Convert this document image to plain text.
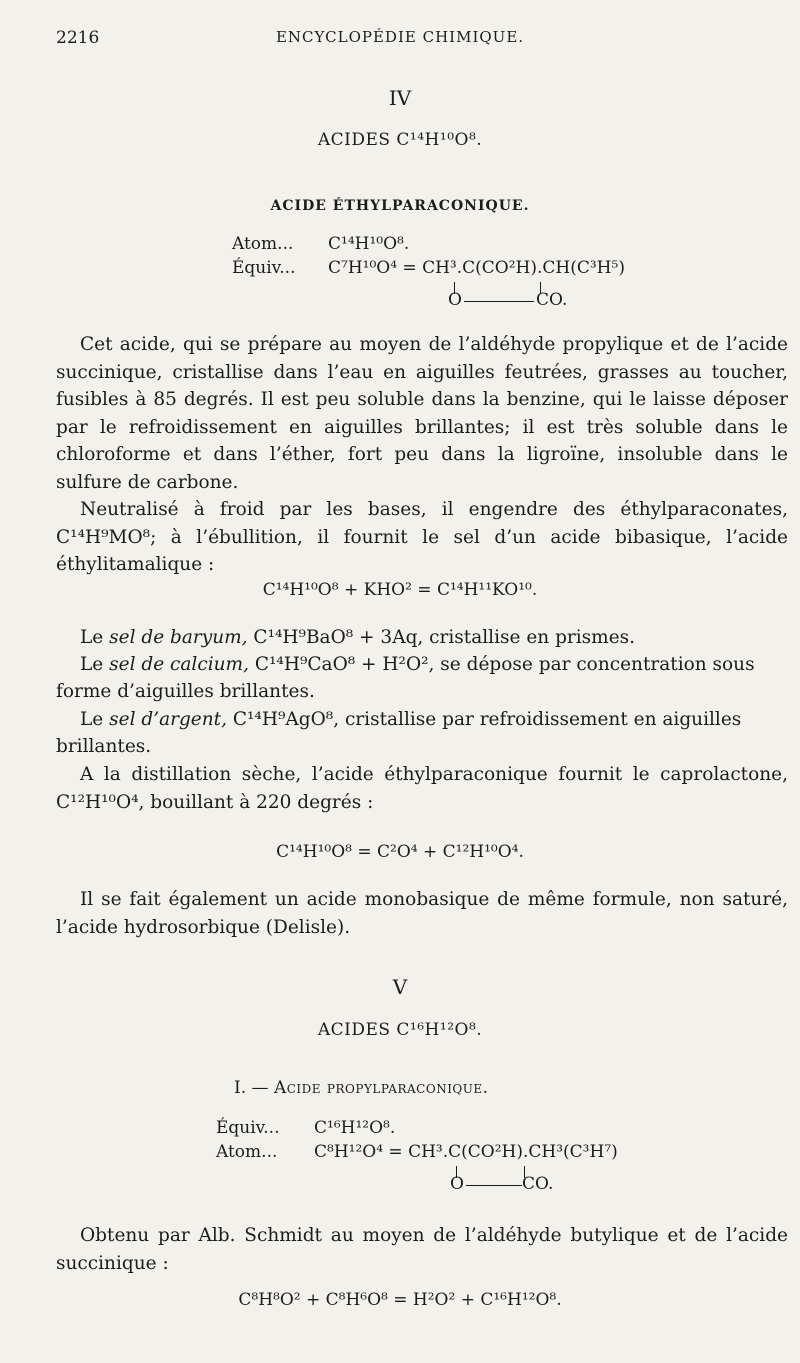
2216	ENCYCLOPÉDIE CHIMIQUE.
IV
ACIDES C¹⁴H¹⁰O⁸.
ACIDE ÉTHYLPARACONIQUE.
Atom... C¹⁴H¹⁰O⁸.
Équiv... C⁷H¹⁰O⁴ = CH³.C(CO²H).CH(C³H⁵)
O	CO.
Cet acide, qui se prépare au moyen de l’aldéhyde propylique et de l’acide succinique, cristallise dans l’eau en aiguilles feutrées, grasses au toucher, fusibles à 85 degrés. Il est peu soluble dans la benzine, qui le laisse déposer par le refroidissement en aiguilles brillantes; il est très soluble dans le chloroforme et dans l’éther, fort peu dans la ligroïne, insoluble dans le sulfure de carbone.
Neutralisé à froid par les bases, il engendre des éthylparaconates, C¹⁴H⁹MO⁸; à l’ébullition, il fournit le sel d’un acide bibasique, l’acide éthylitamalique :
C¹⁴H¹⁰O⁸ + KHO² = C¹⁴H¹¹KO¹⁰.
Le sel de baryum, C¹⁴H⁹BaO⁸ + 3Aq, cristallise en prismes.
Le sel de calcium, C¹⁴H⁹CaO⁸ + H²O², se dépose par concentration sous
forme d’aiguilles brillantes.
Le sel d’argent, C¹⁴H⁹AgO⁸, cristallise par refroidissement en aiguilles
brillantes.
A la distillation sèche, l’acide éthylparaconique fournit le caprolactone, C¹²H¹⁰O⁴, bouillant à 220 degrés :
C¹⁴H¹⁰O⁸ = C²O⁴ + C¹²H¹⁰O⁴.
Il se fait également un acide monobasique de même formule, non saturé, l’acide hydrosorbique (Delisle).
V
ACIDES C¹⁶H¹²O⁸.
I. — Acide propylparaconique.
Équiv... C¹⁶H¹²O⁸.
Atom... C⁸H¹²O⁴ = CH³.C(CO²H).CH³(C³H⁷)
O	CO.
Obtenu par Alb. Schmidt au moyen de l’aldéhyde butylique et de l’acide succinique :
C⁸H⁸O² + C⁸H⁶O⁸ = H²O² + C¹⁶H¹²O⁸.
